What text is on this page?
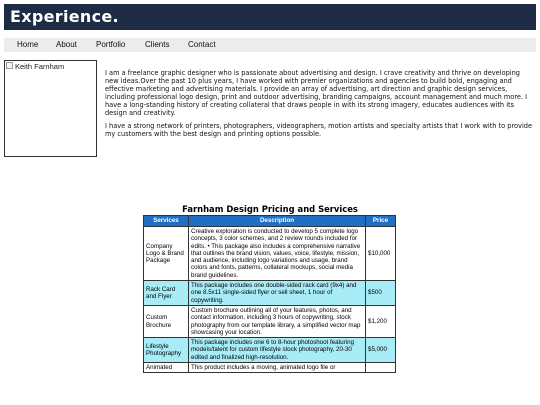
Experience.
Home About Portfolio Clients Contact
Keith Farnham

I am a freelance graphic designer who is passionate about advertising and design. I crave creativity and thrive on developing new ideas.Over the past 10 plus years, I have worked with premier organizations and agencies to build bold, engaging and effective marketing and advertising materials. I provide an array of advertising, art direction and graphic design services, including professional logo design, print and outdoor advertising, branding campaigns, account management and much more. I have a long-standing history of creating collateral that draws people in with its strong imagery, educates audiences with its design and creativity.

I have a strong network of printers, photographers, videographers, motion artists and specialty artists that I work with to provide my customers with the best design and printing options possible.

Farnham Design Pricing and Services
Services	Description	Price
Company Logo & Brand Package	Creative exploration is conducted to develop 5 complete logo concepts, 3 color schemes, and 2 review rounds included for edits. • This package also includes a comprehensive narrative that outlines the brand vision, values, voice, lifestyle, mission, and audience, including logo variations and usage, brand colors and fonts, patterns, collateral mockups, social media brand guidelines.	$10,000
Rack Card and Flyer	This package includes one double-sided rack card (9x4) and one 8.5x11 single-sided flyer or sell sheet, 1 hour of copywriting.	$500
Custom Brochure	Custom brochure outlining all of your features, photos, and contact information, including 3 hours of copywriting, stock photography from our template library, a simplified vector map showcasing your location.	$1,200
Lifestyle Photography	This package includes one 6 to 8-hour photoshoot featuring models/talent for custom lifestyle stock photography, 20-30 edited and finalized high-resolution.	$5,000
Animated	This product includes a moving, animated logo file or	
